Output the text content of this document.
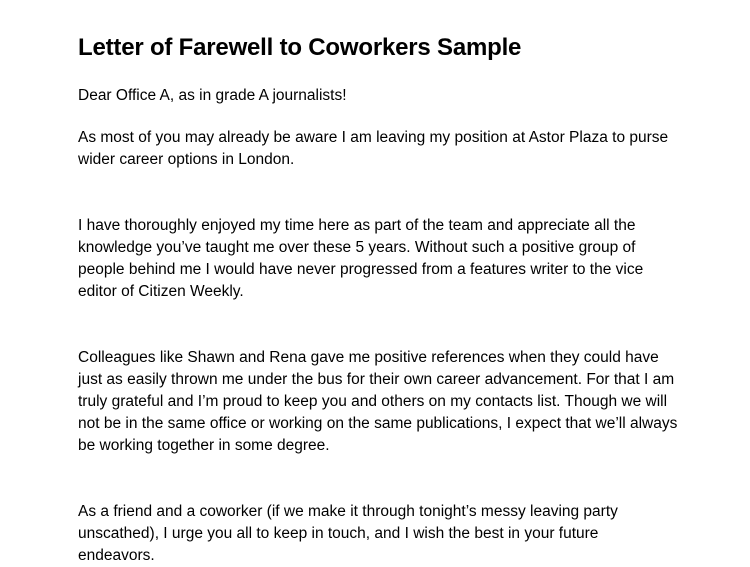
Letter of Farewell to Coworkers Sample

Dear Office A, as in grade A journalists!

As most of you may already be aware I am leaving my position at Astor Plaza to purse wider career options in London.

I have thoroughly enjoyed my time here as part of the team and appreciate all the knowledge you’ve taught me over these 5 years. Without such a positive group of people behind me I would have never progressed from a features writer to the vice editor of Citizen Weekly.

Colleagues like Shawn and Rena gave me positive references when they could have just as easily thrown me under the bus for their own career advancement. For that I am truly grateful and I’m proud to keep you and others on my contacts list. Though we will not be in the same office or working on the same publications, I expect that we’ll always be working together in some degree.

As a friend and a coworker (if we make it through tonight’s messy leaving party unscathed), I urge you all to keep in touch, and I wish the best in your future endeavors.
